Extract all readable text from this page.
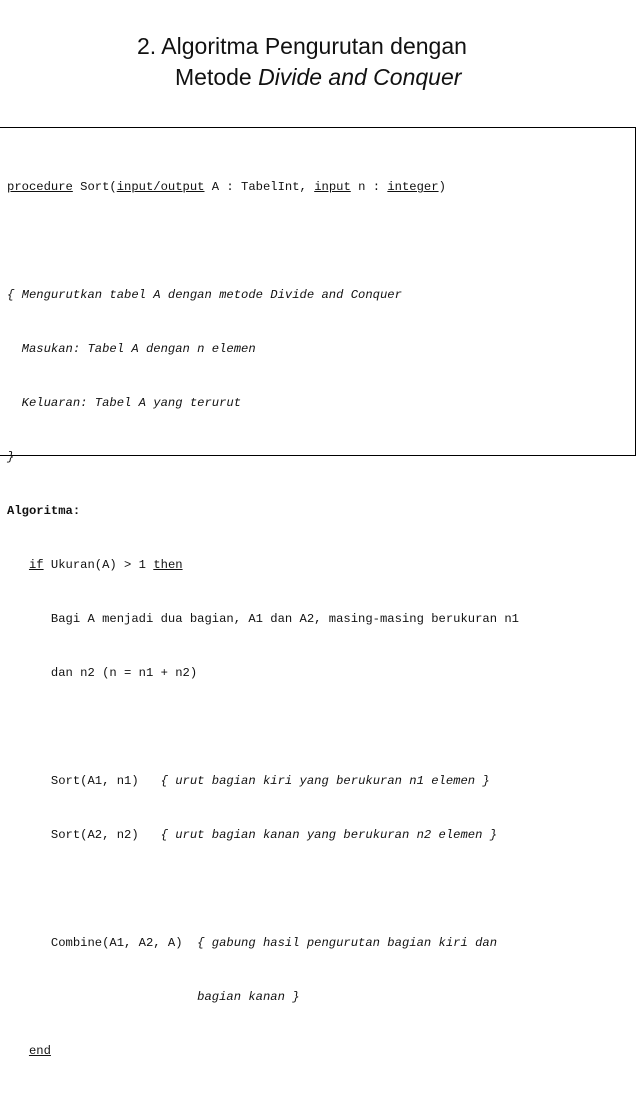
2. Algoritma Pengurutan dengan
Metode Divide and Conquer

procedure Sort(input/output A : TabelInt, input n : integer)

{ Mengurutkan tabel A dengan metode Divide and Conquer

Masukan: Tabel A dengan n elemen

Keluaran: Tabel A yang terurut

}

Algoritma:

if Ukuran(A) > 1 then

Bagi A menjadi dua bagian, A1 dan A2, masing-masing berukuran n1

dan n2 (n = n1 + n2)

Sort(A1, n1)   { urut bagian kiri yang berukuran n1 elemen }

Sort(A2, n2)   { urut bagian kanan yang berukuran n2 elemen }

Combine(A1, A2, A)  { gabung hasil pengurutan bagian kiri dan

bagian kanan }

end
